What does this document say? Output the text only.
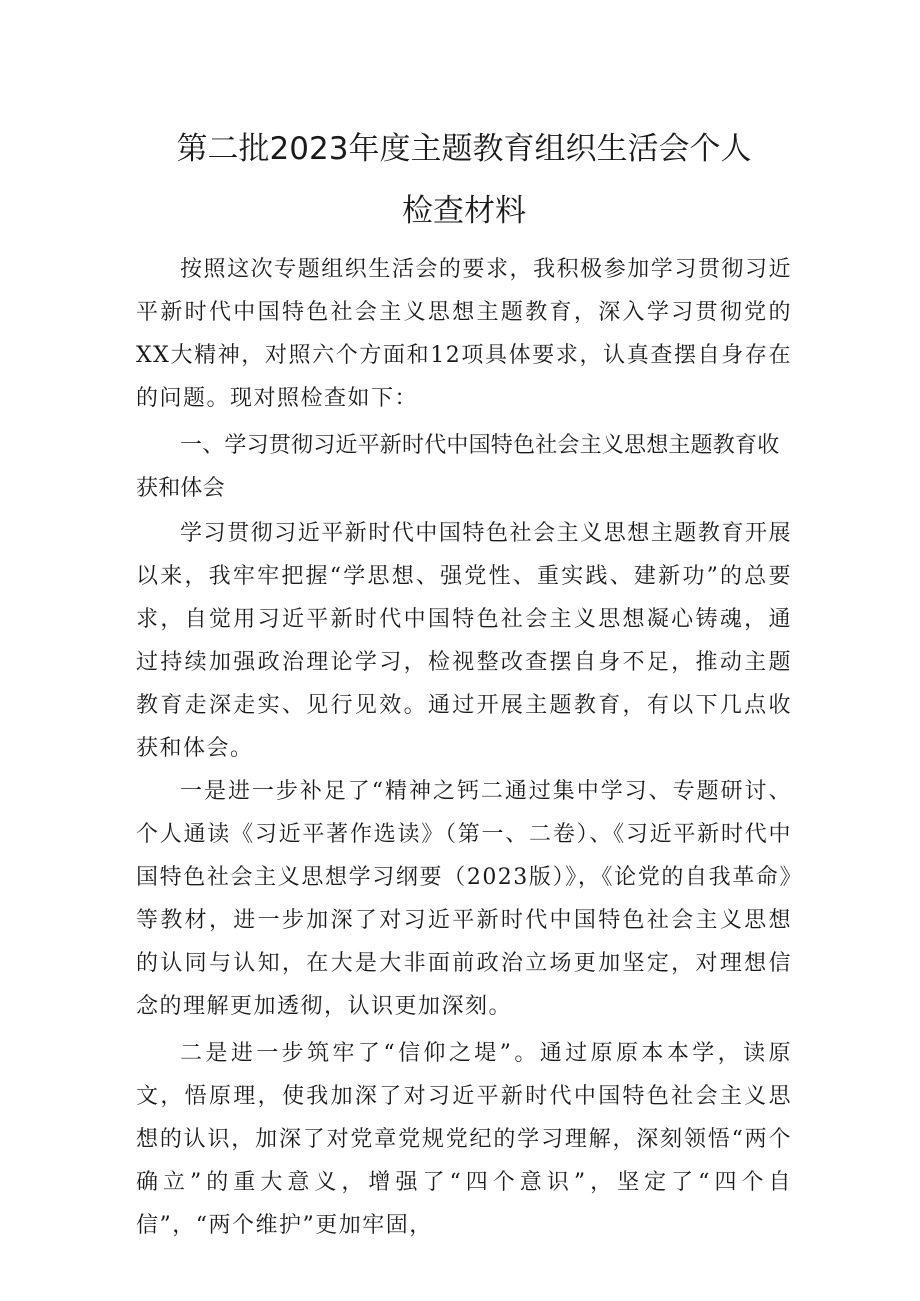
第二批2023年度主题教育组织生活会个人
检查材料

按照这次专题组织生活会的要求，我积极参加学习贯彻习近平新时代中国特色社会主义思想主题教育，深入学习贯彻党的XX大精神，对照六个方面和12项具体要求，认真查摆自身存在的问题。现对照检查如下：

一、学习贯彻习近平新时代中国特色社会主义思想主题教育收获和体会

学习贯彻习近平新时代中国特色社会主义思想主题教育开展以来，我牢牢把握“学思想、强党性、重实践、建新功”的总要求，自觉用习近平新时代中国特色社会主义思想凝心铸魂，通过持续加强政治理论学习，检视整改查摆自身不足，推动主题教育走深走实、见行见效。通过开展主题教育，有以下几点收获和体会。

一是进一步补足了“精神之钙二通过集中学习、专题研讨、个人通读《习近平著作选读》（第一、二卷）、《习近平新时代中国特色社会主义思想学习纲要（2023版）》，《论党的自我革命》等教材，进一步加深了对习近平新时代中国特色社会主义思想的认同与认知，在大是大非面前政治立场更加坚定，对理想信念的理解更加透彻，认识更加深刻。

二是进一步筑牢了“信仰之堤”。通过原原本本学，读原文，悟原理，使我加深了对习近平新时代中国特色社会主义思想的认识，加深了对党章党规党纪的学习理解，深刻领悟“两个确立”的重大意义，增强了“四个意识”，坚定了“四个自信”，“两个维护”更加牢固，
